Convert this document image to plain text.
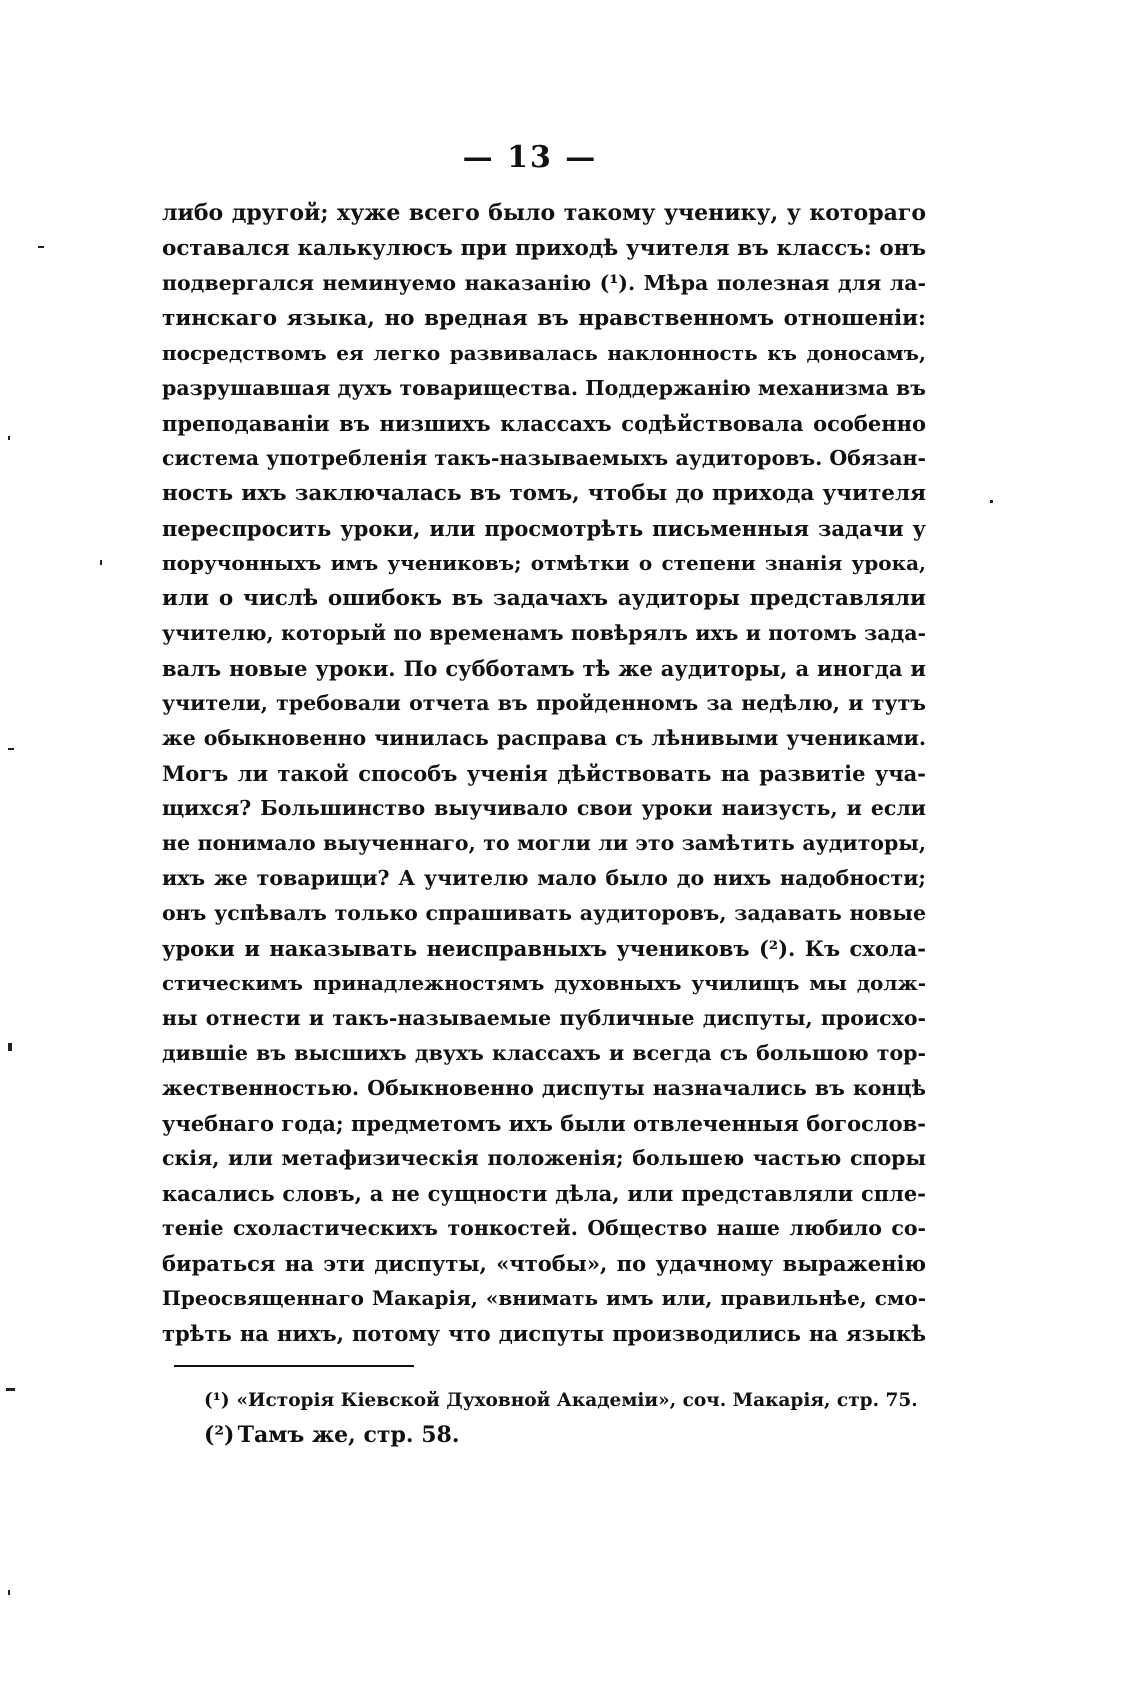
— 13 —
либо другой; хуже всего было такому ученику, у котораго
оставался калькулюсъ при приходѣ учителя въ классъ: онъ
подвергался неминуемо наказанію (¹). Мѣра полезная для ла-
тинскаго языка, но вредная въ нравственномъ отношеніи:
посредствомъ ея легко развивалась наклонность къ доносамъ,
разрушавшая духъ товарищества. Поддержанію механизма въ
преподаваніи въ низшихъ классахъ содѣйствовала особенно
система употребленія такъ-называемыхъ аудиторовъ. Обязан-
ность ихъ заключалась въ томъ, чтобы до прихода учителя
переспросить уроки, или просмотрѣть письменныя задачи у
поручонныхъ имъ учениковъ; отмѣтки о степени знанія урока,
или о числѣ ошибокъ въ задачахъ аудиторы представляли
учителю, который по временамъ повѣрялъ ихъ и потомъ зада-
валъ новые уроки. По субботамъ тѣ же аудиторы, а иногда и
учители, требовали отчета въ пройденномъ за недѣлю, и тутъ
же обыкновенно чинилась расправа съ лѣнивыми учениками.
Могъ ли такой способъ ученія дѣйствовать на развитіе уча-
щихся? Большинство выучивало свои уроки наизусть, и если
не понимало выученнаго, то могли ли это замѣтить аудиторы,
ихъ же товарищи? А учителю мало было до нихъ надобности;
онъ успѣвалъ только спрашивать аудиторовъ, задавать новые
уроки и наказывать неисправныхъ учениковъ (²). Къ схола-
стическимъ принадлежностямъ духовныхъ училищъ мы долж-
ны отнести и такъ-называемые публичные диспуты, происхо-
дившіе въ высшихъ двухъ классахъ и всегда съ большою тор-
жественностью. Обыкновенно диспуты назначались въ концѣ
учебнаго года; предметомъ ихъ были отвлеченныя богослов-
скія, или метафизическія положенія; большею частью споры
касались словъ, а не сущности дѣла, или представляли спле-
теніе схоластическихъ тонкостей. Общество наше любило со-
бираться на эти диспуты, «чтобы», по удачному выраженію
Преосвященнаго Макарія, «внимать имъ или, правильнѣе, смо-
трѣть на нихъ, потому что диспуты производились на языкѣ
(¹) «Исторія Кіевской Духовной Академіи», соч. Макарія, стр. 75.
(²) Тамъ же, стр. 58.
